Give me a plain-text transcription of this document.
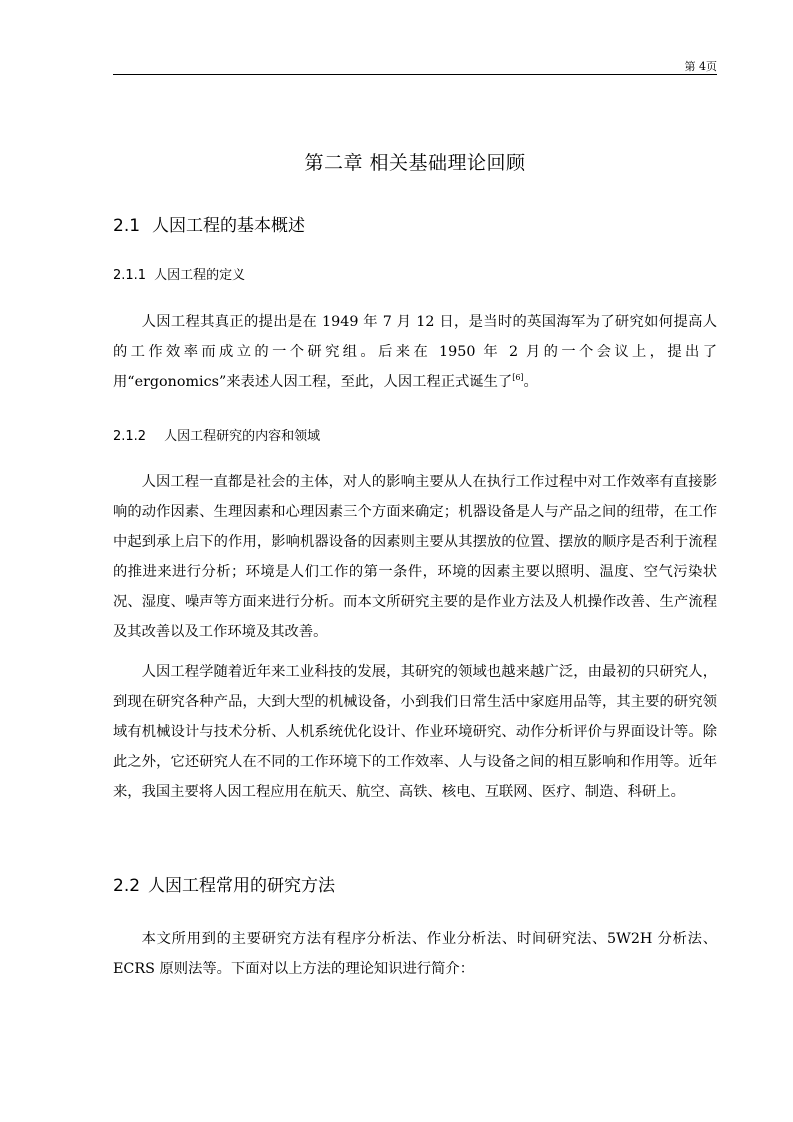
第 4页
第二章 相关基础理论回顾
2.1 人因工程的基本概述
2.1.1 人因工程的定义

人因工程其真正的提出是在 1949 年 7 月 12 日，是当时的英国海军为了研究如何提高人的工作效率而成立的一个研究组。后来在 1950 年 2 月的一个会议上，提出了用“ergonomics”来表述人因工程，至此，人因工程正式诞生了[6]。

2.1.2 人因工程研究的内容和领域

人因工程一直都是社会的主体，对人的影响主要从人在执行工作过程中对工作效率有直接影响的动作因素、生理因素和心理因素三个方面来确定；机器设备是人与产品之间的纽带，在工作中起到承上启下的作用，影响机器设备的因素则主要从其摆放的位置、摆放的顺序是否利于流程的推进来进行分析；环境是人们工作的第一条件，环境的因素主要以照明、温度、空气污染状况、湿度、噪声等方面来进行分析。而本文所研究主要的是作业方法及人机操作改善、生产流程及其改善以及工作环境及其改善。

人因工程学随着近年来工业科技的发展，其研究的领域也越来越广泛，由最初的只研究人，到现在研究各种产品，大到大型的机械设备，小到我们日常生活中家庭用品等，其主要的研究领域有机械设计与技术分析、人机系统优化设计、作业环境研究、动作分析评价与界面设计等。除此之外，它还研究人在不同的工作环境下的工作效率、人与设备之间的相互影响和作用等。近年来，我国主要将人因工程应用在航天、航空、高铁、核电、互联网、医疗、制造、科研上。

2.2 人因工程常用的研究方法

本文所用到的主要研究方法有程序分析法、作业分析法、时间研究法、5W2H 分析法、ECRS 原则法等。下面对以上方法的理论知识进行简介：
